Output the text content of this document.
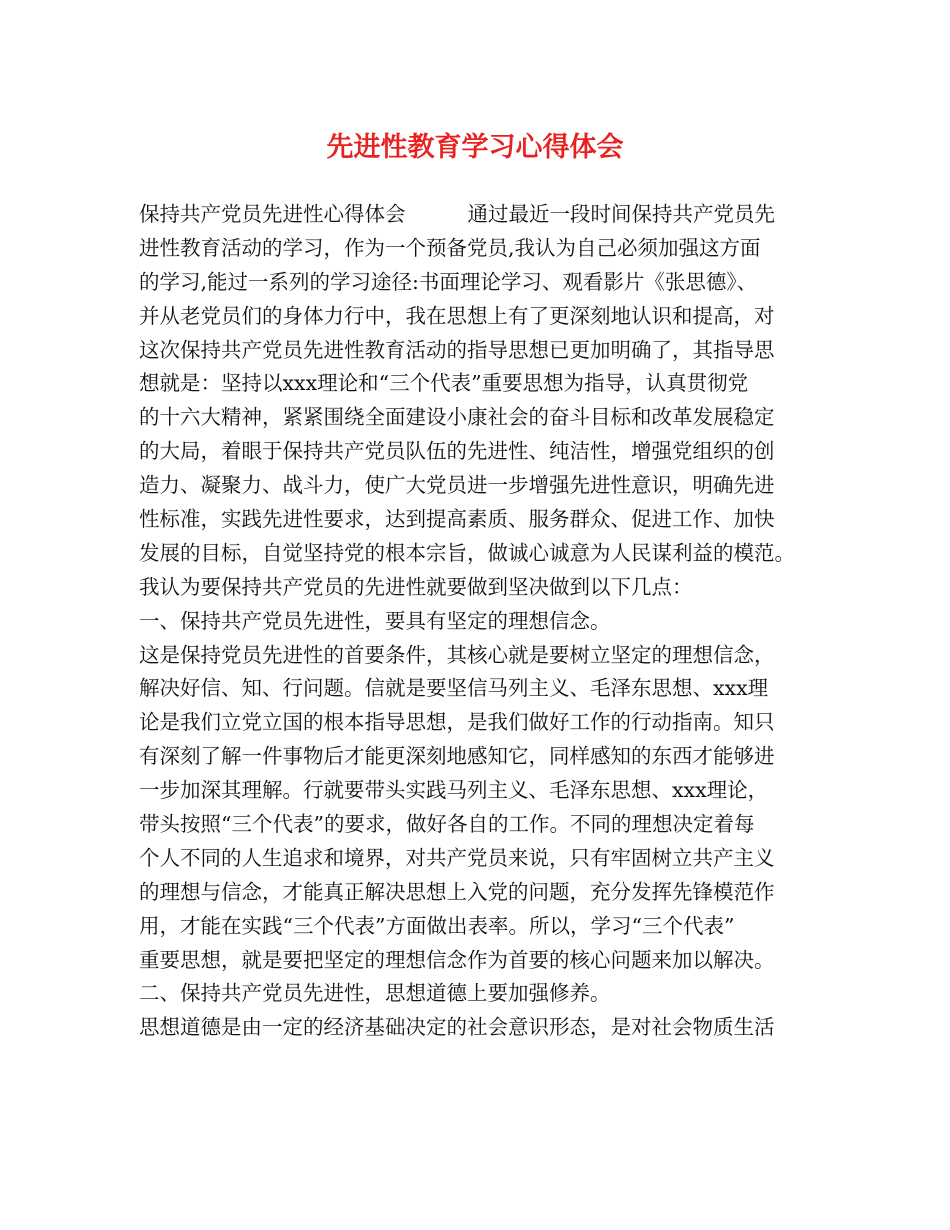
先进性教育学习心得体会
保持共产党员先进性心得体会	通过最近一段时间保持共产党员先
进性教育活动的学习，作为一个预备党员,我认为自己必须加强这方面
的学习,能过一系列的学习途径:书面理论学习、观看影片《张思德》、
并从老党员们的身体力行中，我在思想上有了更深刻地认识和提高，对
这次保持共产党员先进性教育活动的指导思想已更加明确了，其指导思
想就是：坚持以xxx理论和“三个代表”重要思想为指导，认真贯彻党
的十六大精神，紧紧围绕全面建设小康社会的奋斗目标和改革发展稳定
的大局，着眼于保持共产党员队伍的先进性、纯洁性，增强党组织的创
造力、凝聚力、战斗力，使广大党员进一步增强先进性意识，明确先进
性标准，实践先进性要求，达到提高素质、服务群众、促进工作、加快
发展的目标，自觉坚持党的根本宗旨，做诚心诚意为人民谋利益的模范。
我认为要保持共产党员的先进性就要做到坚决做到以下几点：
一、保持共产党员先进性，要具有坚定的理想信念。
这是保持党员先进性的首要条件，其核心就是要树立坚定的理想信念，
解决好信、知、行问题。信就是要坚信马列主义、毛泽东思想、xxx理
论是我们立党立国的根本指导思想，是我们做好工作的行动指南。知只
有深刻了解一件事物后才能更深刻地感知它，同样感知的东西才能够进
一步加深其理解。行就要带头实践马列主义、毛泽东思想、xxx理论，
带头按照“三个代表”的要求，做好各自的工作。不同的理想决定着每
个人不同的人生追求和境界，对共产党员来说，只有牢固树立共产主义
的理想与信念，才能真正解决思想上入党的问题，充分发挥先锋模范作
用，才能在实践“三个代表”方面做出表率。所以，学习“三个代表”
重要思想，就是要把坚定的理想信念作为首要的核心问题来加以解决。
二、保持共产党员先进性，思想道德上要加强修养。
思想道德是由一定的经济基础决定的社会意识形态，是对社会物质生活
